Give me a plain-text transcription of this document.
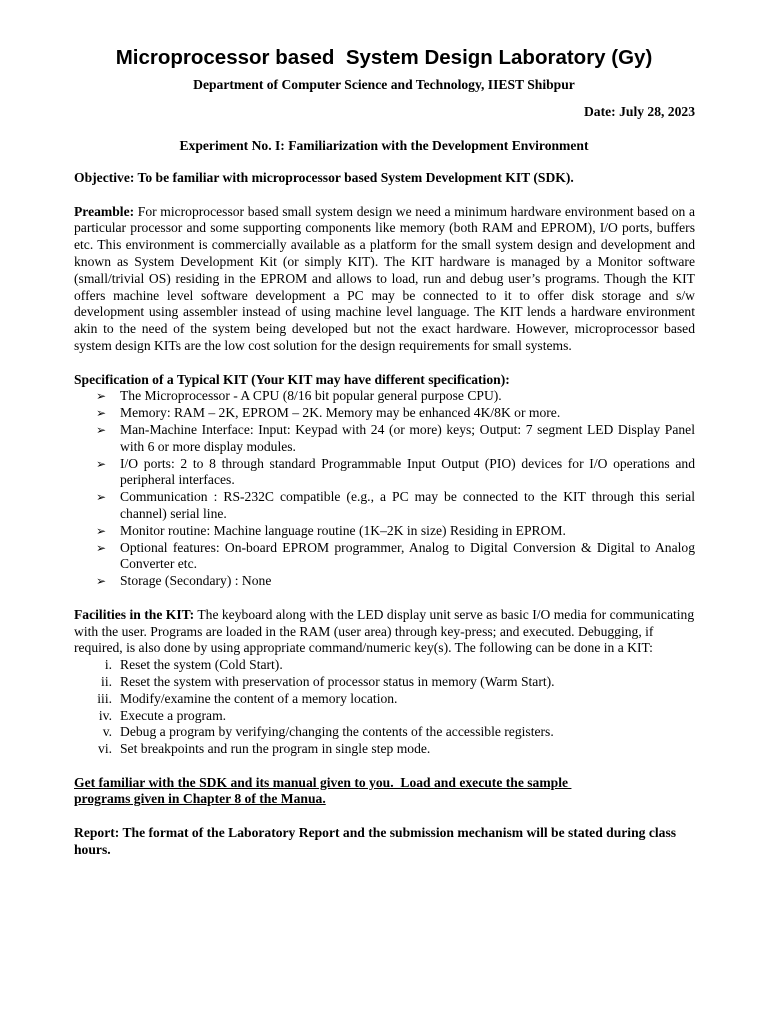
Microprocessor based  System Design Laboratory (Gy)
Department of Computer Science and Technology, IIEST Shibpur
Date: July 28, 2023
Experiment No. I: Familiarization with the Development Environment

Objective: To be familiar with microprocessor based System Development KIT (SDK).

Preamble: For microprocessor based small system design we need a minimum hardware environment based on a particular processor and some supporting components like memory (both RAM and EPROM), I/O ports, buffers etc. This environment is commercially available as a platform for the small system design and development and known as System Development Kit (or simply KIT). The KIT hardware is managed by a Monitor software (small/trivial OS) residing in the EPROM and allows to load, run and debug user’s programs. Though the KIT offers machine level software development a PC may be connected to it to offer disk storage and s/w development using assembler instead of using machine level language. The KIT lends a hardware environment akin to the need of the system being developed but not the exact hardware. However, microprocessor based system design KITs are the low cost solution for the design requirements for small systems.

Specification of a Typical KIT (Your KIT may have different specification):

➢ The Microprocessor - A CPU (8/16 bit popular general purpose CPU).
➢ Memory: RAM – 2K, EPROM – 2K. Memory may be enhanced 4K/8K or more.
➢ Man-Machine Interface: Input: Keypad with 24 (or more) keys; Output: 7 segment LED Display Panel with 6 or more display modules.
➢ I/O ports: 2 to 8 through standard Programmable Input Output (PIO) devices for I/O operations and peripheral interfaces.
➢ Communication : RS-232C compatible (e.g., a PC may be connected to the KIT through this serial channel) serial line.
➢ Monitor routine: Machine language routine (1K–2K in size) Residing in EPROM.
➢ Optional features: On-board EPROM programmer, Analog to Digital Conversion & Digital to Analog Converter etc.
➢ Storage (Secondary) : None

Facilities in the KIT: The keyboard along with the LED display unit serve as basic I/O media for communicating with the user. Programs are loaded in the RAM (user area) through key-press; and executed. Debugging, if required, is also done by using appropriate command/numeric key(s). The following can be done in a KIT:

i. Reset the system (Cold Start).
ii. Reset the system with preservation of processor status in memory (Warm Start).
iii. Modify/examine the content of a memory location.
iv. Execute a program.
v. Debug a program by verifying/changing the contents of the accessible registers.
vi. Set breakpoints and run the program in single step mode.

Get familiar with the SDK and its manual given to you.  Load and execute the sample

programs given in Chapter 8 of the Manua.

Report: The format of the Laboratory Report and the submission mechanism will be stated during class hours.
